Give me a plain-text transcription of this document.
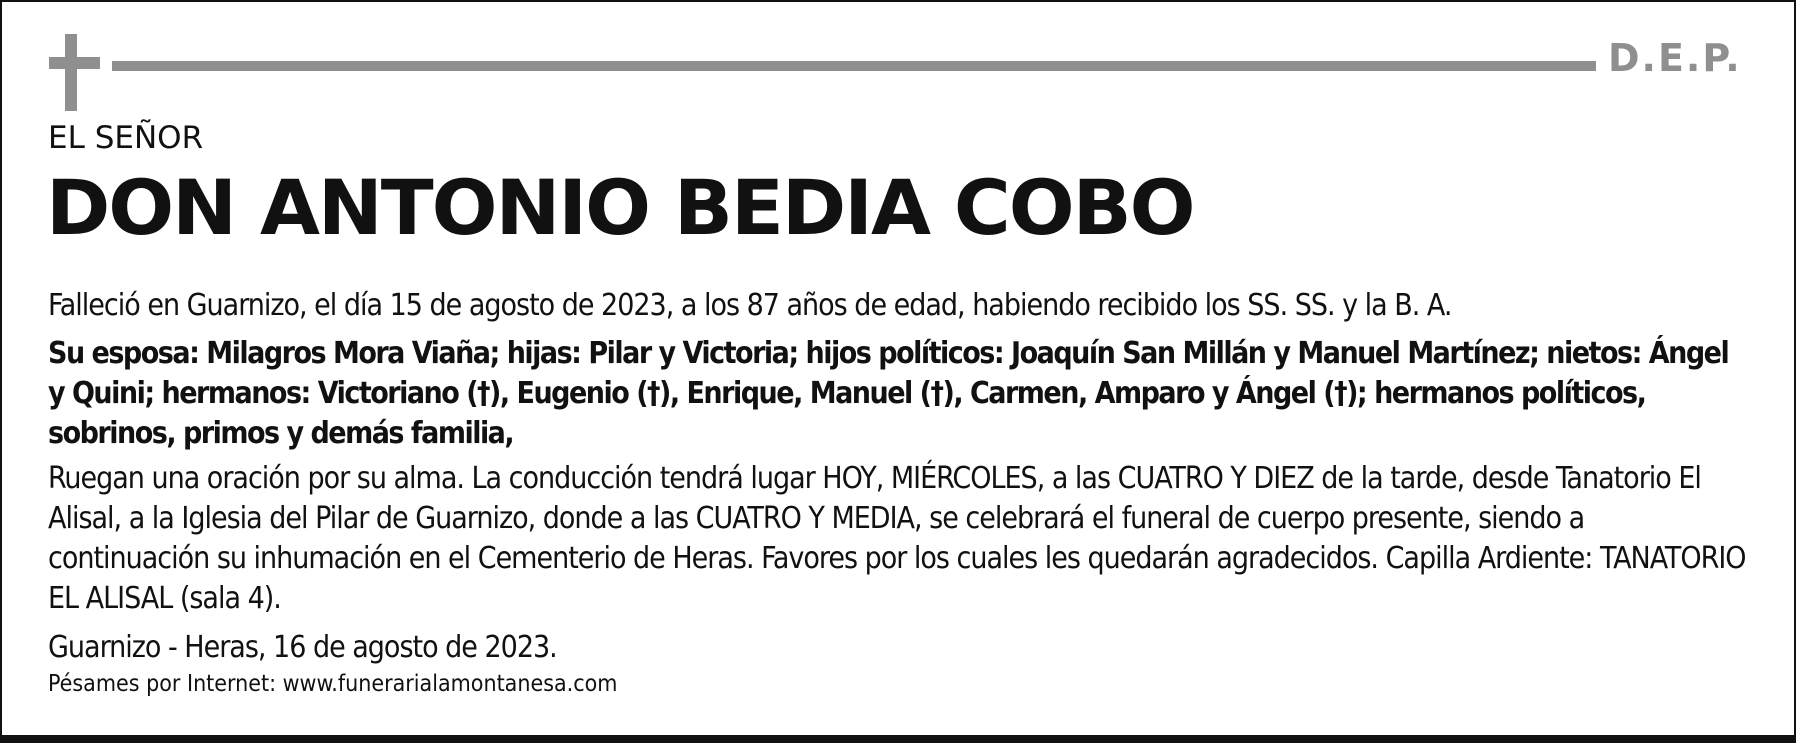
D.E.P.
EL SEÑOR
DON ANTONIO BEDIA COBO
Falleció en Guarnizo, el día 15 de agosto de 2023, a los 87 años de edad, habiendo recibido los SS. SS. y la B. A.
Su esposa: Milagros Mora Viaña; hijas: Pilar y Victoria; hijos políticos: Joaquín San Millán y Manuel Martínez; nietos: Ángel y Quini; hermanos: Victoriano (†), Eugenio (†), Enrique, Manuel (†), Carmen, Amparo y Ángel (†); hermanos políticos, sobrinos, primos y demás familia,
Ruegan una oración por su alma. La conducción tendrá lugar HOY, MIÉRCOLES, a las CUATRO Y DIEZ de la tarde, desde Tanatorio El Alisal, a la Iglesia del Pilar de Guarnizo, donde a las CUATRO Y MEDIA, se celebrará el funeral de cuerpo presente, siendo a continuación su inhumación en el Cementerio de Heras. Favores por los cuales les quedarán agradecidos. Capilla Ardiente: TANATORIO EL ALISAL (sala 4).
Guarnizo - Heras, 16 de agosto de 2023.
Pésames por Internet: www.funerarialamontanesa.com
